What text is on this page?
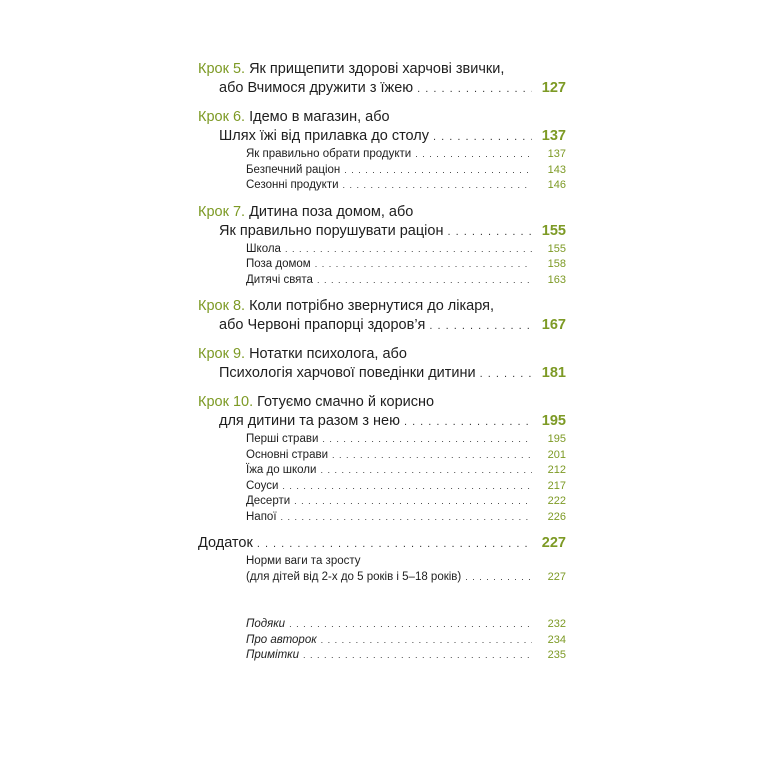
Крок 5. Як прищепити здорові харчові звички,
або Вчимося дружити з їжею . . .	127
Крок 6. Ідемо в магазин, або
Шлях їжі від прилавка до столу . . .	137
Як правильно обрати продукти . . .	137
Безпечний раціон . . .	143
Сезонні продукти . . .	146
Крок 7. Дитина поза домом, або
Як правильно порушувати раціон . . .	155
Школа . . .	155
Поза домом . . .	158
Дитячі свята . . .	163
Крок 8. Коли потрібно звернутися до лікаря,
або Червоні прапорці здоров’я . . .	167
Крок 9. Нотатки психолога, або
Психологія харчової поведінки дитини . . .	181
Крок 10. Готуємо смачно й корисно
для дитини та разом з нею . . .	195
Перші страви . . .	195
Основні страви . . .	201
Їжа до школи . . .	212
Соуси . . .	217
Десерти . . .	222
Напої . . .	226
Додаток . . .	227
Норми ваги та зросту
(для дітей від 2-х до 5 років і 5–18 років) . . .	227
Подяки . . .	232
Про авторок . . .	234
Примітки . . .	235
